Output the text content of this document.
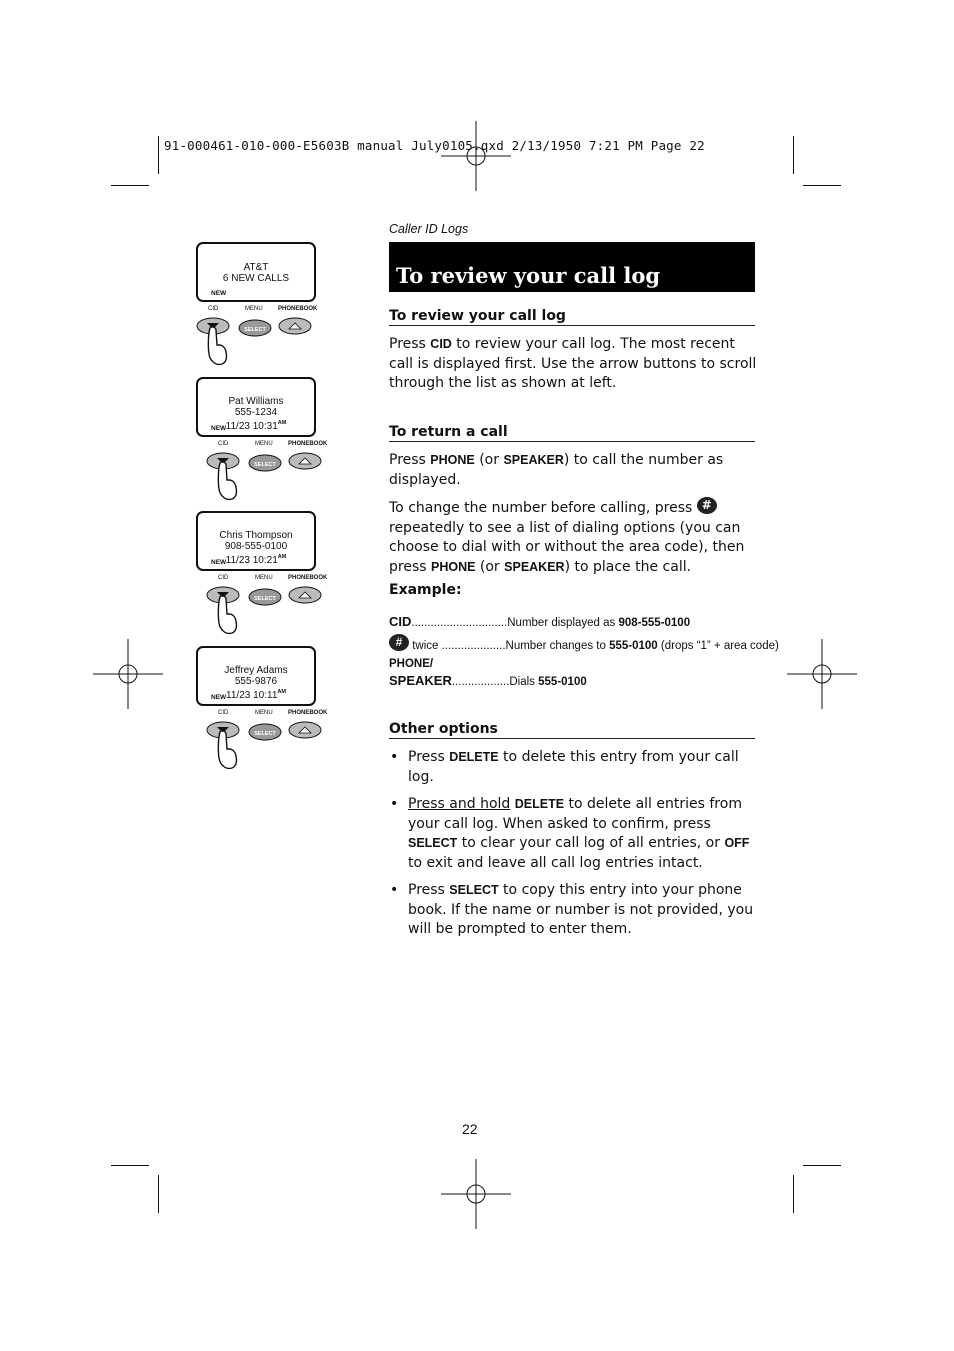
91-000461-010-000-E5603B manual July0105.qxd 2/13/1950 7:21 PM Page 22
Caller ID Logs
To review your call log
To review your call log
Press CID to review your call log. The most recent call is displayed first. Use the arrow buttons to scroll through the list as shown at left.
To return a call
Press PHONE (or SPEAKER) to call the number as displayed.
To change the number before calling, press # repeatedly to see a list of dialing options (you can choose to dial with or without the area code), then press PHONE (or SPEAKER) to place the call.
Example:
CID..............................Number displayed as 908-555-0100
# twice ....................Number changes to 555-0100 (drops “1” + area code)
PHONE/
SPEAKER..................Dials 555-0100
Other options
• Press DELETE to delete this entry from your call log.
• Press and hold DELETE to delete all entries from your call log. When asked to confirm, press SELECT to clear your call log of all entries, or OFF to exit and leave all call log entries intact.
• Press SELECT to copy this entry into your phone book. If the name or number is not provided, you will be prompted to enter them.
22
AT&T
6 NEW CALLS
NEW
CID	MENU	PHONEBOOK
SELECT
Pat Williams
555-1234
11/23 $10:31^{AM}$
NEW
CID	MENU	PHONEBOOK
SELECT
Chris Thompson
908-555-0100
11/23 $10:21^{AM}$
NEW
CID	MENU	PHONEBOOK
SELECT
Jeffrey Adams
555-9876
11/23 $10:11^{AM}$
NEW
CID	MENU	PHONEBOOK
SELECT
